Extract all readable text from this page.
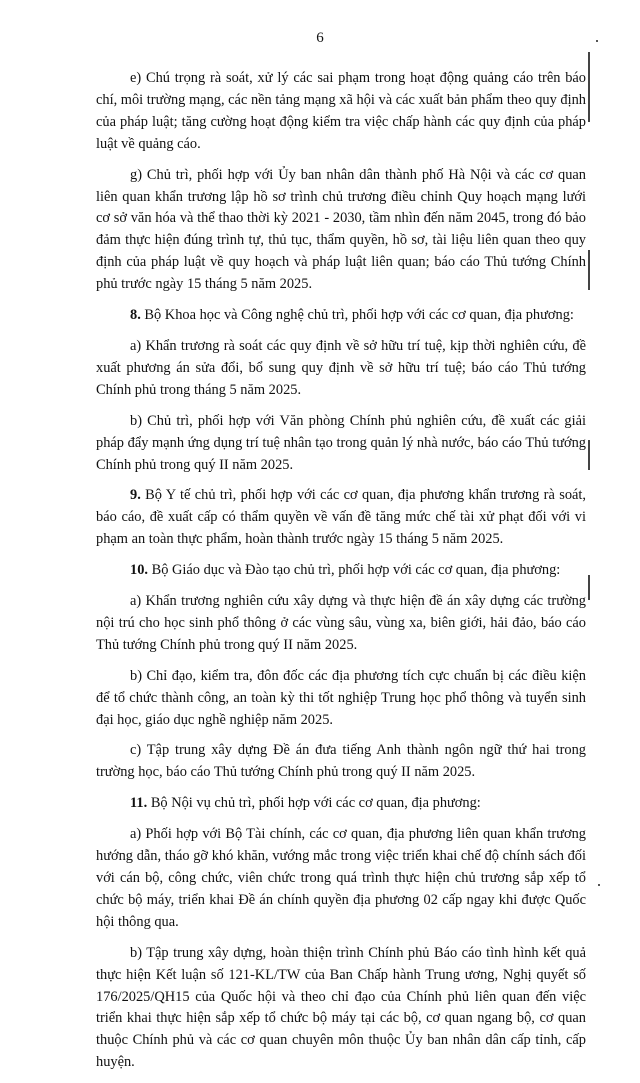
6

e) Chú trọng rà soát, xử lý các sai phạm trong hoạt động quảng cáo trên báo chí, môi trường mạng, các nền tảng mạng xã hội và các xuất bản phẩm theo quy định của pháp luật; tăng cường hoạt động kiểm tra việc chấp hành các quy định của pháp luật về quảng cáo.

g) Chủ trì, phối hợp với Ủy ban nhân dân thành phố Hà Nội và các cơ quan liên quan khẩn trương lập hồ sơ trình chủ trương điều chỉnh Quy hoạch mạng lưới cơ sở văn hóa và thể thao thời kỳ 2021 - 2030, tầm nhìn đến năm 2045, trong đó bảo đảm thực hiện đúng trình tự, thủ tục, thẩm quyền, hồ sơ, tài liệu liên quan theo quy định của pháp luật về quy hoạch và pháp luật liên quan; báo cáo Thủ tướng Chính phủ trước ngày 15 tháng 5 năm 2025.

8. Bộ Khoa học và Công nghệ chủ trì, phối hợp với các cơ quan, địa phương:

a) Khẩn trương rà soát các quy định về sở hữu trí tuệ, kịp thời nghiên cứu, đề xuất phương án sửa đổi, bổ sung quy định về sở hữu trí tuệ; báo cáo Thủ tướng Chính phủ trong tháng 5 năm 2025.

b) Chủ trì, phối hợp với Văn phòng Chính phủ nghiên cứu, đề xuất các giải pháp đẩy mạnh ứng dụng trí tuệ nhân tạo trong quản lý nhà nước, báo cáo Thủ tướng Chính phủ trong quý II năm 2025.

9. Bộ Y tế chủ trì, phối hợp với các cơ quan, địa phương khẩn trương rà soát, báo cáo, đề xuất cấp có thẩm quyền về vấn đề tăng mức chế tài xử phạt đối với vi phạm an toàn thực phẩm, hoàn thành trước ngày 15 tháng 5 năm 2025.

10. Bộ Giáo dục và Đào tạo chủ trì, phối hợp với các cơ quan, địa phương:

a) Khẩn trương nghiên cứu xây dựng và thực hiện đề án xây dựng các trường nội trú cho học sinh phổ thông ở các vùng sâu, vùng xa, biên giới, hải đảo, báo cáo Thủ tướng Chính phủ trong quý II năm 2025.

b) Chỉ đạo, kiểm tra, đôn đốc các địa phương tích cực chuẩn bị các điều kiện để tổ chức thành công, an toàn kỳ thi tốt nghiệp Trung học phổ thông và tuyển sinh đại học, giáo dục nghề nghiệp năm 2025.

c) Tập trung xây dựng Đề án đưa tiếng Anh thành ngôn ngữ thứ hai trong trường học, báo cáo Thủ tướng Chính phủ trong quý II năm 2025.

11. Bộ Nội vụ chủ trì, phối hợp với các cơ quan, địa phương:

a) Phối hợp với Bộ Tài chính, các cơ quan, địa phương liên quan khẩn trương hướng dẫn, tháo gỡ khó khăn, vướng mắc trong việc triển khai chế độ chính sách đối với cán bộ, công chức, viên chức trong quá trình thực hiện chủ trương sắp xếp tổ chức bộ máy, triển khai Đề án chính quyền địa phương 02 cấp ngay khi được Quốc hội thông qua.

b) Tập trung xây dựng, hoàn thiện trình Chính phủ Báo cáo tình hình kết quả thực hiện Kết luận số 121-KL/TW của Ban Chấp hành Trung ương, Nghị quyết số 176/2025/QH15 của Quốc hội và theo chỉ đạo của Chính phủ liên quan đến việc triển khai thực hiện sắp xếp tổ chức bộ máy tại các bộ, cơ quan ngang bộ, cơ quan thuộc Chính phủ và các cơ quan chuyên môn thuộc Ủy ban nhân dân cấp tỉnh, cấp huyện.
